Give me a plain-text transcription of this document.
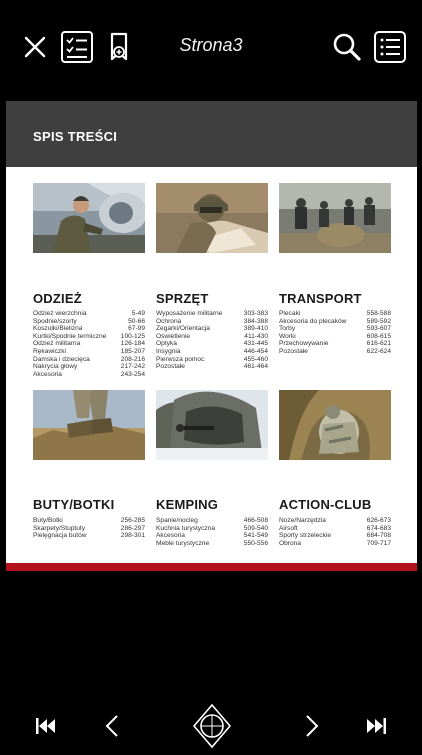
Strona3
SPIS TREŚCI
ODZIEŻ	SPRZĘT	TRANSPORT
Odzież wierzchnia	5-49
Spodnie/szorty	50-66
Koszulki/Bielizna	67-99
Kurtki/Spodnie termiczne	100-125
Odzież militarna	126-184
Rękawiczki	185-207
Damska i dziecięca	208-216
Nakrycia głowy	217-242
Akcesoria	243-254
Wyposażenie militarne	303-383
Ochrona	384-388
Zegarki/Orientacja	389-410
Oświetlenie	411-430
Optyka	431-445
Insygnia	446-454
Pierwsza pomoc	455-460
Pozostałe	461-464
Plecaki	558-588
Akcesoria do plecaków	589-592
Torby	593-607
Worki	608-615
Przechowywanie	616-621
Pozostałe	622-624
BUTY/BOTKI	KEMPING	ACTION-CLUB
Buty/Botki	256-285
Skarpety/Stuptuty	286-297
Pielęgnacja butów	298-301
Spanie/nocleg	466-508
Kuchnia turystyczna	509-540
Akcesoria	541-549
Meble turystyczne	550-556
Noże/Narzędzia	626-673
Airsoft	674-683
Sporty strzeleckie	684-708
Obrona	709-717
